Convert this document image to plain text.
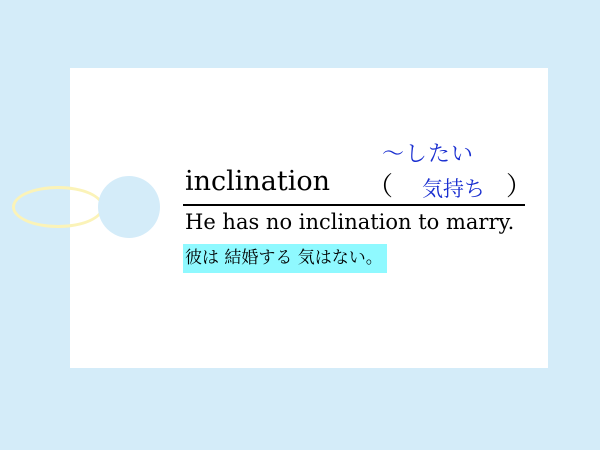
～したい
inclination （ 気持ち ）
He has no inclination to marry.
彼は 結婚する 気はない。
